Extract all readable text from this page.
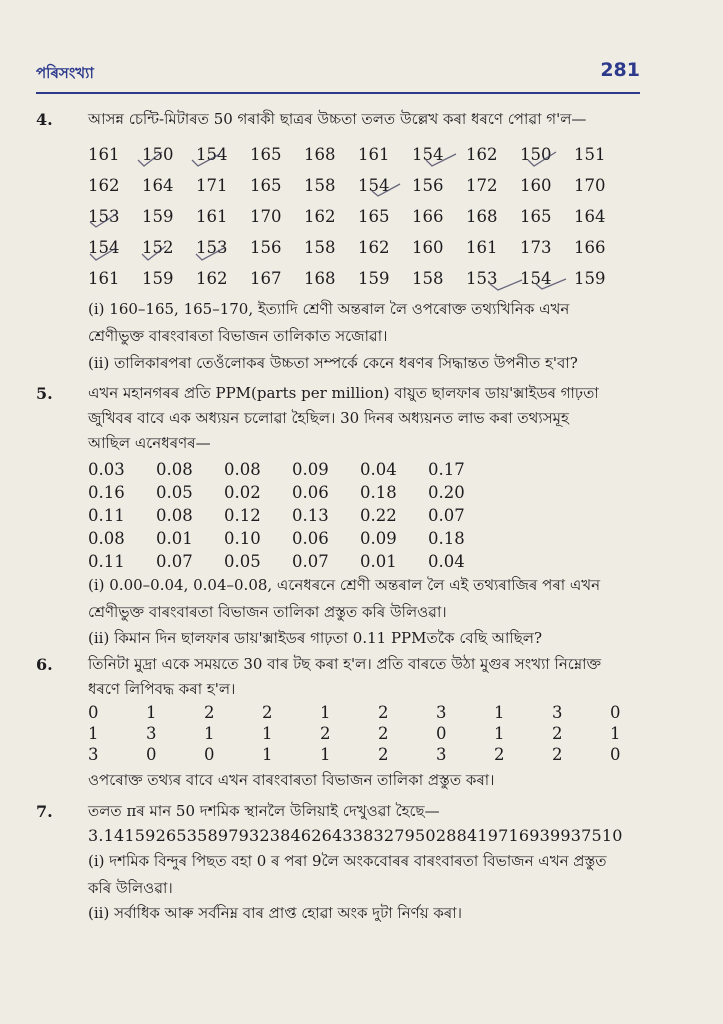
পৰিসংখ্যা	281
4. আসন্ন চেন্টি-মিটাৰত 50 গৰাকী ছাত্ৰৰ উচ্চতা তলত উল্লেখ কৰা ধৰণে পোৱা গ'ল—
161	150	154	165	168	161	154	162	150	151
162	164	171	165	158	154	156	172	160	170
153	159	161	170	162	165	166	168	165	164
154	152	153	156	158	162	160	161	173	166
161	159	162	167	168	159	158	153	154	159
(i) 160–165, 165–170, ইত্যাদি শ্ৰেণী অন্তৰাল লৈ ওপৰোক্ত তথ্যখিনিক এখন
শ্ৰেণীভুক্ত বাৰংবাৰতা বিভাজন তালিকাত সজোৱা।
(ii) তালিকাৰপৰা তেওঁলোকৰ উচ্চতা সম্পৰ্কে কেনে ধৰণৰ সিদ্ধান্তত উপনীত হ'বা?
5. এখন মহানগৰৰ প্ৰতি PPM(parts per million) বায়ুত ছালফাৰ ডায়'ক্সাইডৰ গাঢ়তা
জুখিবৰ বাবে এক অধ্যয়ন চলোৱা হৈছিল। 30 দিনৰ অধ্যয়নত লাভ কৰা তথ্যসমূহ
আছিল এনেধৰণৰ—
0.03	0.08	0.08	0.09	0.04	0.17
0.16	0.05	0.02	0.06	0.18	0.20
0.11	0.08	0.12	0.13	0.22	0.07
0.08	0.01	0.10	0.06	0.09	0.18
0.11	0.07	0.05	0.07	0.01	0.04
(i) 0.00–0.04, 0.04–0.08, এনেধৰনে শ্ৰেণী অন্তৰাল লৈ এই তথ্যৰাজিৰ পৰা এখন
শ্ৰেণীভুক্ত বাৰংবাৰতা বিভাজন তালিকা প্ৰস্তুত কৰি উলিওৱা।
(ii) কিমান দিন ছালফাৰ ডায়'ক্সাইডৰ গাঢ়তা 0.11 PPMতকৈ বেছি আছিল?
6. তিনিটা মুদ্ৰা একে সময়তে 30 বাৰ টছ কৰা হ'ল। প্ৰতি বাৰতে উঠা মুগুৰ সংখ্যা নিম্নোক্ত
ধৰণে লিপিবদ্ধ কৰা হ'ল।
0	1	2	2	1	2	3	1	3	0
1	3	1	1	2	2	0	1	2	1
3	0	0	1	1	2	3	2	2	0
ওপৰোক্ত তথ্যৰ বাবে এখন বাৰংবাৰতা বিভাজন তালিকা প্ৰস্তুত কৰা।
7. তলত πৰ মান 50 দশমিক স্থানলৈ উলিয়াই দেখুওৱা হৈছে—
3.14159265358979323846264338327950288419716939937510
(i) দশমিক বিন্দুৰ পিছত বহা 0 ৰ পৰা 9লৈ অংকবোৰৰ বাৰংবাৰতা বিভাজন এখন প্ৰস্তুত
কৰি উলিওৱা।
(ii) সৰ্বাধিক আৰু সৰ্বনিম্ন বাৰ প্ৰাপ্ত হোৱা অংক দুটা নিৰ্ণয় কৰা।
